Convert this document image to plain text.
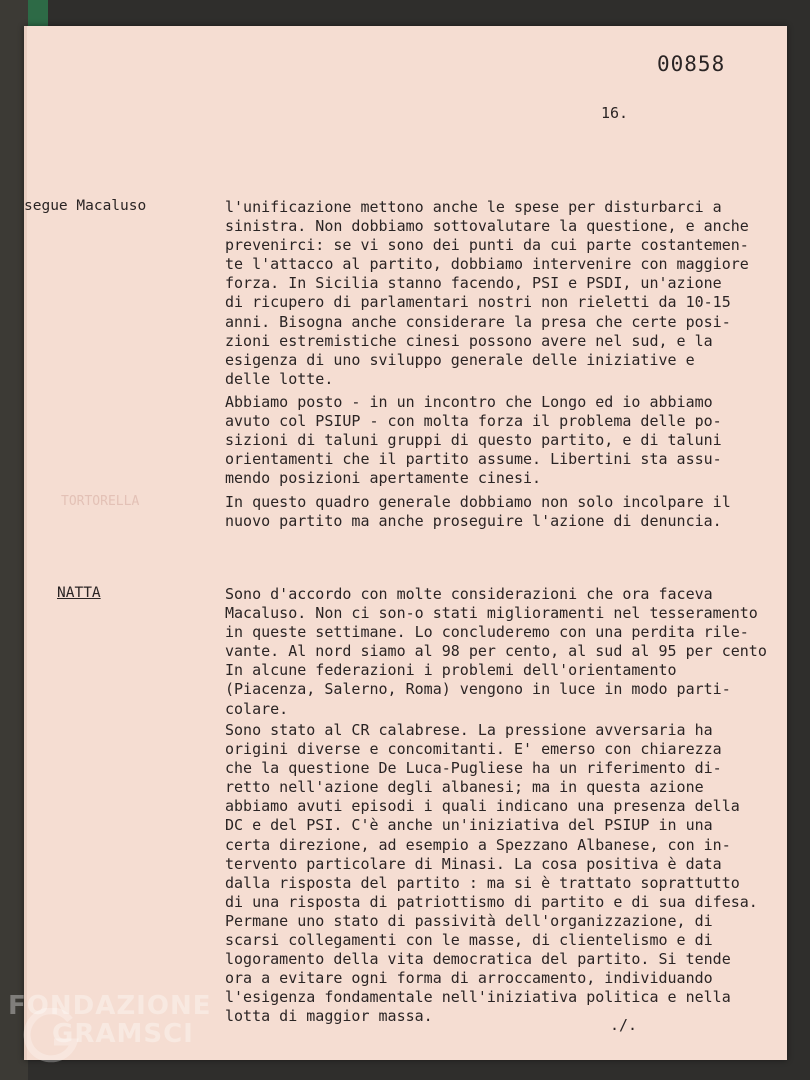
00858

16.

segue Macaluso	l'unificazione mettono anche le spese per disturbarci a
sinistra. Non dobbiamo sottovalutare la questione, e anche
prevenirci: se vi sono dei punti da cui parte costantemen-
te l'attacco al partito, dobbiamo intervenire con maggiore
forza. In Sicilia stanno facendo, PSI e PSDI, un'azione
di ricupero di parlamentari nostri non rieletti da 10-15
anni. Bisogna anche considerare la presa che certe posi-
zioni estremistiche cinesi possono avere nel sud, e la
esigenza di uno sviluppo generale delle iniziative e
delle lotte.

Abbiamo posto - in un incontro che Longo ed io abbiamo
avuto col PSIUP - con molta forza il problema delle po-
sizioni di taluni gruppi di questo partito, e di taluni
orientamenti che il partito assume. Libertini sta assu-
mendo posizioni apertamente cinesi.

TORTORELLA	In questo quadro generale dobbiamo non solo incolpare il
nuovo partito ma anche proseguire l'azione di denuncia.

NATTA	Sono d'accordo con molte considerazioni che ora faceva
Macaluso. Non ci son-o stati miglioramenti nel tesseramento
in queste settimane. Lo concluderemo con una perdita rile-
vante. Al nord siamo al 98 per cento, al sud al 95 per cento
In alcune federazioni i problemi dell'orientamento
(Piacenza, Salerno, Roma) vengono in luce in modo parti-
colare.

Sono stato al CR calabrese. La pressione avversaria ha
origini diverse e concomitanti. E' emerso con chiarezza
che la questione De Luca-Pugliese ha un riferimento di-
retto nell'azione degli albanesi; ma in questa azione
abbiamo avuti episodi i quali indicano una presenza della
DC e del PSI. C'è anche un'iniziativa del PSIUP in una
certa direzione, ad esempio a Spezzano Albanese, con in-
tervento particolare di Minasi. La cosa positiva è data
dalla risposta del partito : ma si è trattato soprattutto
di una risposta di patriottismo di partito e di sua difesa.
Permane uno stato di passività dell'organizzazione, di
scarsi collegamenti con le masse, di clientelismo e di
logoramento della vita democratica del partito. Si tende
ora a evitare ogni forma di arroccamento, individuando
l'esigenza fondamentale nell'iniziativa politica e nella
lotta di maggior massa.	./.

FONDAZIONE
GRAMSCI
